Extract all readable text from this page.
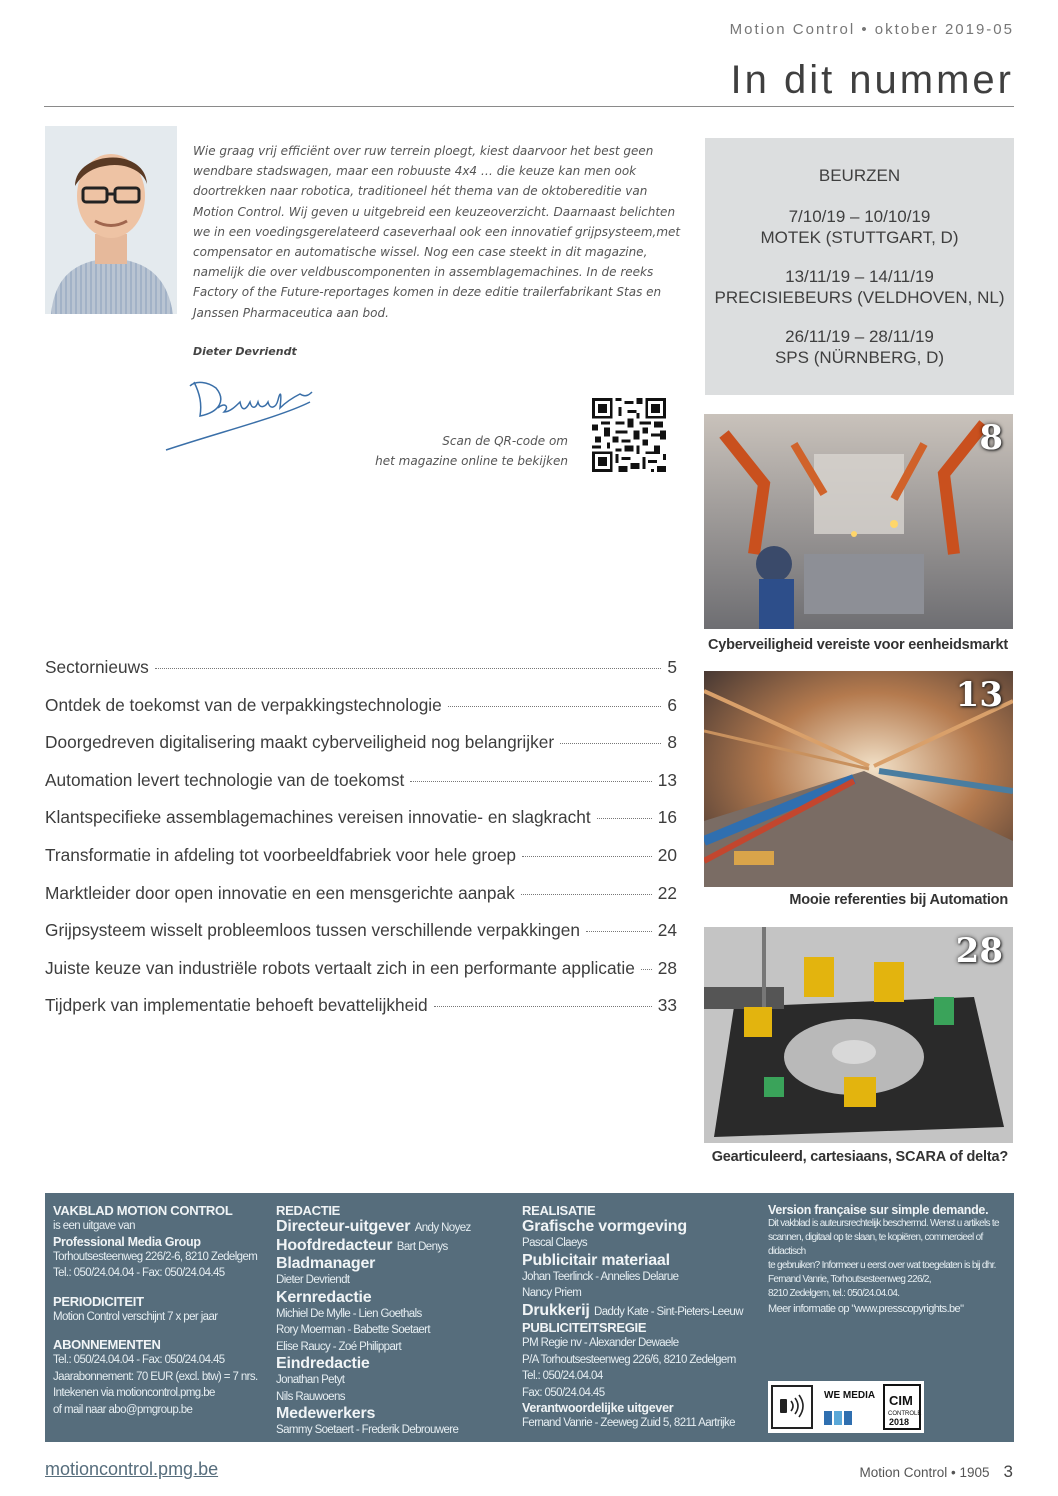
Motion Control • oktober 2019-05
In dit nummer
Wie graag vrij efficiënt over ruw terrein ploegt, kiest daarvoor het best geen wendbare stadswagen, maar een robuuste 4x4 … die keuze kan men ook doortrekken naar robotica, traditioneel hét thema van de oktobereditie van Motion Control. Wij geven u uitgebreid een keuzeoverzicht. Daarnaast belichten we in een voedingsgerelateerd caseverhaal ook een innovatief grijpsysteem,met compensator en automatische wissel. Nog een case steekt in dit magazine, namelijk die over veldbuscomponenten in assemblagemachines. In de reeks Factory of the Future-reportages komen in deze editie trailerfabrikant Stas en Janssen Pharmaceutica aan bod.
Dieter Devriendt
Scan de QR-code om
het magazine online te bekijken
BEURZEN
7/10/19 – 10/10/19
MOTEK (STUTTGART, D)
13/11/19 – 14/11/19
PRECISIEBEURS (VELDHOVEN, NL)
26/11/19 – 28/11/19
SPS (NÜRNBERG, D)
8
Cyberveiligheid vereiste voor eenheidsmarkt
13
Mooie referenties bij Automation
28
Gearticuleerd, cartesiaans, SCARA of delta?
Sectornieuws	5
Ontdek de toekomst van de verpakkingstechnologie	6
Doorgedreven digitalisering maakt cyberveiligheid nog belangrijker	8
Automation levert technologie van de toekomst	13
Klantspecifieke assemblagemachines vereisen innovatie- en slagkracht	16
Transformatie in afdeling tot voorbeeldfabriek voor hele groep	20
Marktleider door open innovatie en een mensgerichte aanpak	22
Grijpsysteem wisselt probleemloos tussen verschillende verpakkingen	24
Juiste keuze van industriële robots vertaalt zich in een performante applicatie 28
Tijdperk van implementatie behoeft bevattelijkheid	33
VAKBLAD MOTION CONTROL
is een uitgave van
Professional Media Group
Torhoutsesteenweg 226/2-6, 8210 Zedelgem
Tel.: 050/24.04.04 - Fax: 050/24.04.45
PERIODICITEIT
Motion Control verschijnt 7 x per jaar
ABONNEMENTEN
Tel.: 050/24.04.04 - Fax: 050/24.04.45
Jaarabonnement: 70 EUR (excl. btw) = 7 nrs.
Intekenen via motioncontrol.pmg.be
of mail naar abo@pmgroup.be
REDACTIE
Directeur-uitgever Andy Noyez
Hoofdredacteur Bart Denys
Bladmanager
Dieter Devriendt
Kernredactie
Michiel De Mylle - Lien Goethals
Rory Moerman - Babette Soetaert
Elise Raucy - Zoé Philippart
Eindredactie
Jonathan Petyt
Nils Rauwoens
Medewerkers
Sammy Soetaert - Frederik Debrouwere
REALISATIE
Grafische vormgeving
Pascal Claeys
Publicitair materiaal
Johan Teerlinck - Annelies Delarue
Nancy Priem
Drukkerij Daddy Kate - Sint-Pieters-Leeuw
PUBLICITEITSREGIE
PM Regie nv - Alexander Dewaele
P/A Torhoutsesteenweg 226/6, 8210 Zedelgem
Tel.: 050/24.04.04
Fax: 050/24.04.45
Verantwoordelijke uitgever
Fernand Vanrie - Zeeweg Zuid 5, 8211 Aartrijke
Version française sur simple demande.
Dit vakblad is auteursrechtelijk beschermd. Wenst u artikels te
scannen, digitaal op te slaan, te kopiëren, commercieel of didactisch
te gebruiken? Informeer u eerst over wat toegelaten is bij dhr.
Fernand Vanrie, Torhoutsesteenweg 226/2,
8210 Zedelgem, tel.: 050/24.04.04.
Meer informatie op "www.presscopyrights.be"
WE MEDIA CIM
CONTROLE
2018
motioncontrol.pmg.be	Motion Control • 1905 3
